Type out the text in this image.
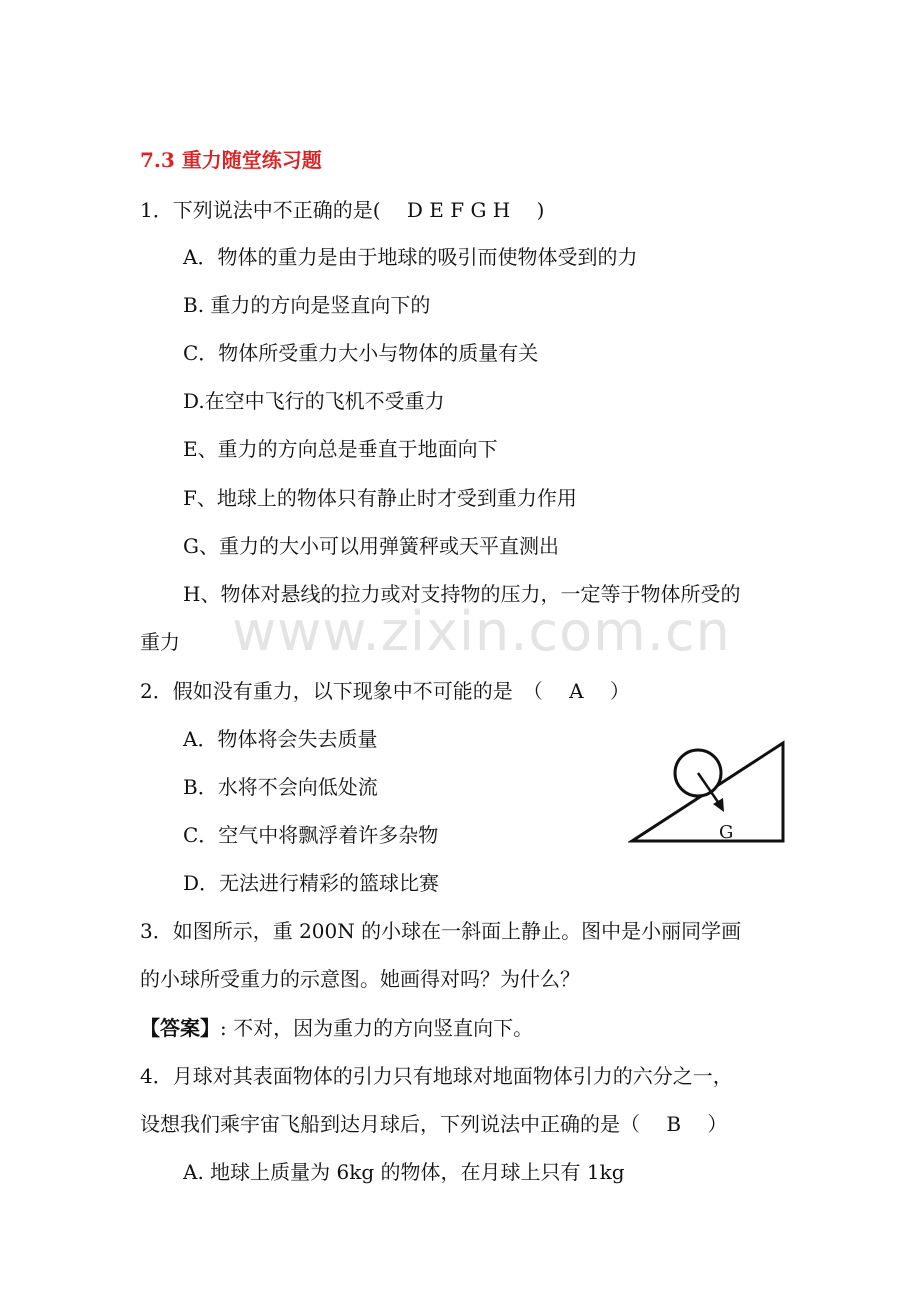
7.3 重力随堂练习题
1．下列说法中不正确的是(　 D E F G H　 )
A．物体的重力是由于地球的吸引而使物体受到的力
B. 重力的方向是竖直向下的
C．物体所受重力大小与物体的质量有关
D.在空中飞行的飞机不受重力
E、重力的方向总是垂直于地面向下
F、地球上的物体只有静止时才受到重力作用
G、重力的大小可以用弹簧秤或天平直测出
H、物体对悬线的拉力或对支持物的压力，一定等于物体所受的
重力 www.zixin.com.cn
2．假如没有重力，以下现象中不可能的是　（　 A　 ）
A．物体将会失去质量
B．水将不会向低处流
C．空气中将飘浮着许多杂物
D．无法进行精彩的篮球比赛
G
3．如图所示，重 200N 的小球在一斜面上静止。图中是小丽同学画
的小球所受重力的示意图。她画得对吗？为什么？
【答案】: 不对，因为重力的方向竖直向下。
4．月球对其表面物体的引力只有地球对地面物体引力的六分之一，
设想我们乘宇宙飞船到达月球后，下列说法中正确的是（　 B　 ）
A. 地球上质量为 6kg 的物体，在月球上只有 1kg
